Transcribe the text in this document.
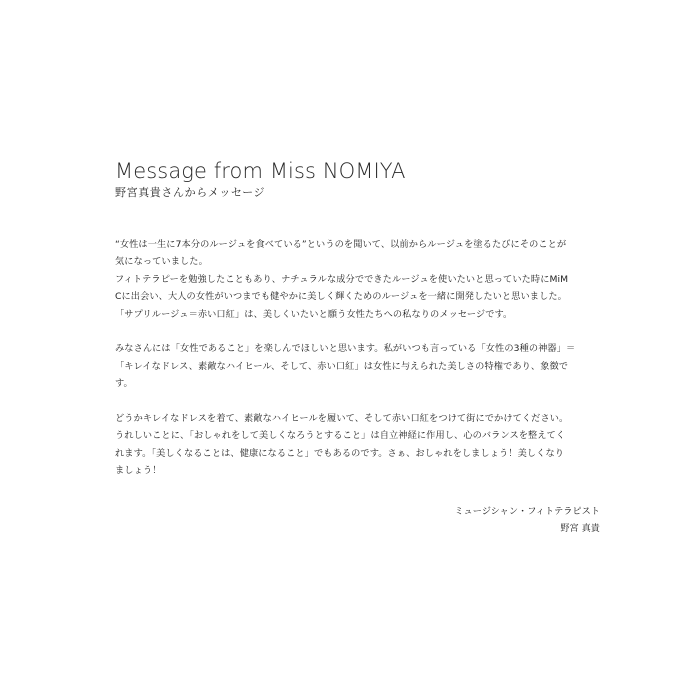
Message from Miss NOMIYA

野宮真貴さんからメッセージ

“女性は一生に7本分のルージュを食べている”というのを聞いて、以前からルージュを塗るたびにそのことが
気になっていました。
フィトテラピーを勉強したこともあり、ナチュラルな成分でできたルージュを使いたいと思っていた時にMiM
Cに出会い、大人の女性がいつまでも健やかに美しく輝くためのルージュを一緒に開発したいと思いました。
「サプリルージュ＝赤い口紅」は、美しくいたいと願う女性たちへの私なりのメッセージです。

みなさんには「女性であること」を楽しんでほしいと思います。私がいつも言っている「女性の3種の神器」＝
「キレイなドレス、素敵なハイヒール、そして、赤い口紅」は女性に与えられた美しさの特権であり、象徴で
す。

どうかキレイなドレスを着て、素敵なハイヒールを履いて、そして赤い口紅をつけて街にでかけてください。
うれしいことに、「おしゃれをして美しくなろうとすること」は自立神経に作用し、心のバランスを整えてく
れます。「美しくなることは、健康になること」でもあるのです。さぁ、おしゃれをしましょう！美しくなり
ましょう！

ミュージシャン・フィトテラピスト
野宮 真貴
